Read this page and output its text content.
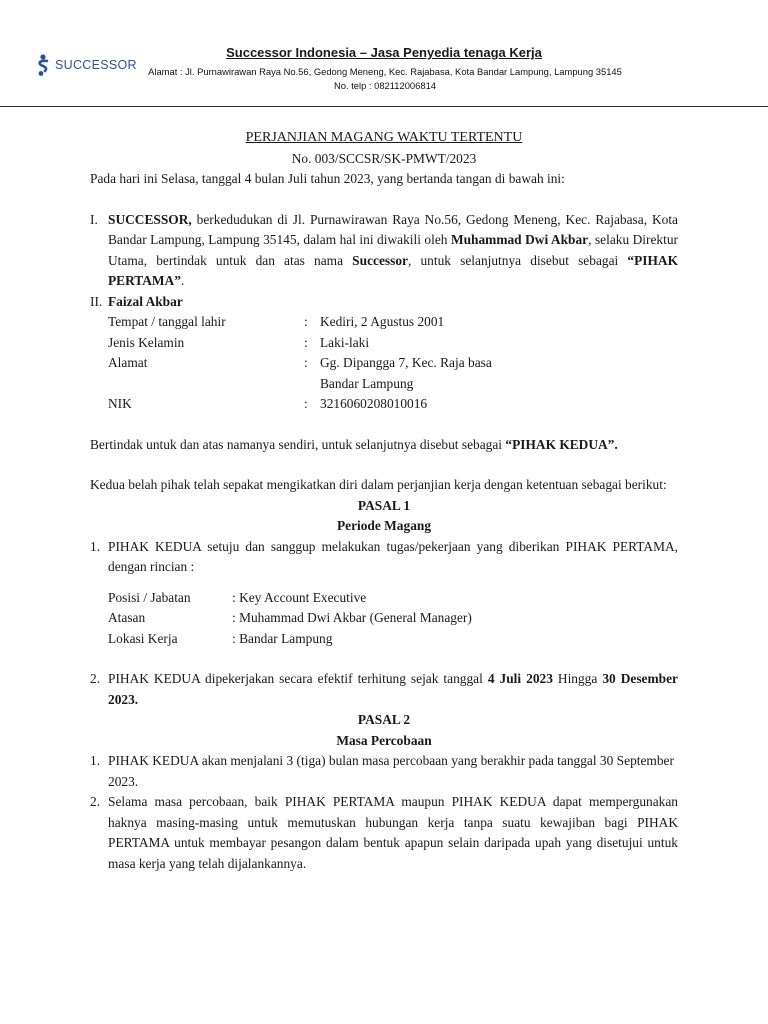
SUCCESSOR
Successor Indonesia – Jasa Penyedia tenaga Kerja
Alamat : Jl. Purnawirawan Raya No.56, Gedong Meneng, Kec. Rajabasa, Kota Bandar Lampung, Lampung 35145
No. telp : 082112006814
PERJANJIAN MAGANG WAKTU TERTENTU
No. 003/SCCSR/SK-PMWT/2023
Pada hari ini Selasa, tanggal 4 bulan Juli tahun 2023, yang bertanda tangan di bawah ini:
I. SUCCESSOR, berkedudukan di Jl. Purnawirawan Raya No.56, Gedong Meneng, Kec. Rajabasa, Kota Bandar Lampung, Lampung 35145, dalam hal ini diwakili oleh Muhammad Dwi Akbar, selaku Direktur Utama, bertindak untuk dan atas nama Successor, untuk selanjutnya disebut sebagai “PIHAK PERTAMA”.
II. Faizal Akbar
Tempat / tanggal lahir	: Kediri, 2 Agustus 2001
Jenis Kelamin	: Laki-laki
Alamat	: Gg. Dipangga 7, Kec. Raja basa
Bandar Lampung
NIK	: 3216060208010016
Bertindak untuk dan atas namanya sendiri, untuk selanjutnya disebut sebagai “PIHAK KEDUA”.
Kedua belah pihak telah sepakat mengikatkan diri dalam perjanjian kerja dengan ketentuan sebagai berikut:
PASAL 1
Periode Magang
1. PIHAK KEDUA setuju dan sanggup melakukan tugas/pekerjaan yang diberikan PIHAK PERTAMA, dengan rincian :
Posisi / Jabatan	: Key Account Executive
Atasan	: Muhammad Dwi Akbar (General Manager)
Lokasi Kerja	: Bandar Lampung
2. PIHAK KEDUA dipekerjakan secara efektif terhitung sejak tanggal 4 Juli 2023 Hingga 30 Desember 2023.
PASAL 2
Masa Percobaan
1. PIHAK KEDUA akan menjalani 3 (tiga) bulan masa percobaan yang berakhir pada tanggal 30 September 2023.
2. Selama masa percobaan, baik PIHAK PERTAMA maupun PIHAK KEDUA dapat mempergunakan haknya masing-masing untuk memutuskan hubungan kerja tanpa suatu kewajiban bagi PIHAK PERTAMA untuk membayar pesangon dalam bentuk apapun selain daripada upah yang disetujui untuk masa kerja yang telah dijalankannya.
